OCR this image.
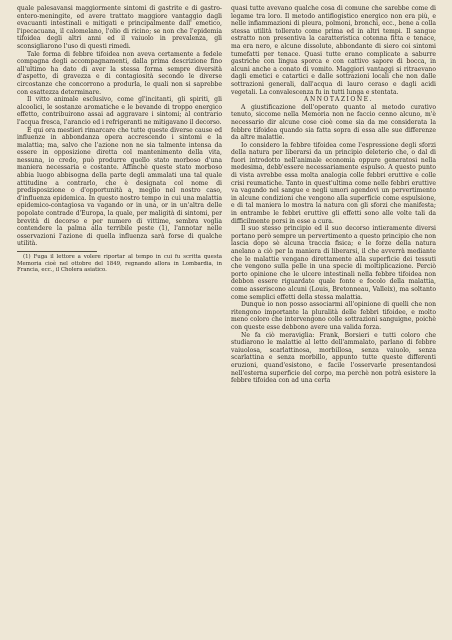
quale palesavansi maggiormente sintomi di gastrite e di gastro-entero-meningite, ed avere trattato maggiore vantaggio dagli evacuanti intestinali e mitigati e principalmente dall' emetico, l'ipecacuana, il calomelano, l'olio di ricino; se non che l'epidemia tifoidea degli altri anni ed il vaiuolo in prevalenza, gli sconsigliarono l'uso di questi rimedi.

Tale forma di febbre tifoidea non aveva certamente a fedele compagna degli accompagnamenti, dalla prima descrizione fino all'ultimo ha dato di aver la stessa forma sempre diversità d'aspetto, di gravezza e di contagiosità secondo le diverse circostanze che concorrono a produrla, le quali non si saprebbe con esattezza determinare.

Il vitto animale esclusivo, come gl'incitanti, gli spiriti, gli alcoolici, le sostanze aromatiche e le bevande di troppo energico effetto, contribuirono assai ad aggravare i sintomi; al contrario l'acqua fresca, l'arancio ed i refrigeranti ne mitigavano il decorso.

È qui ora mestieri rimarcare che tutte queste diverse cause ed influenze in abbondanza opera accrescendo i sintomi e la malattia; ma, salvo che l'azione non ne sia talmente intensa da essere in opposizione diretta col mantenimento della vita, nessuna, io credo, può produrre quello stato morboso d'una maniera necessaria e costante. Affinchè queste stato morboso abbia luogo abbisogna della parte degli ammalati una tal quale attitudine a contrarlo, che è designata col nome di predisposizione o d'opportunità a, meglio nel nostro caso, d'influenza epidemica. In questo nostro tempo in cui una malattia epidemico-contagiosa va vagando or in una, or in un'altra delle popolate contrade d'Europa, la quale, per maligità di sintomi, per brevità di decorso e per numero di vittime, sembra voglia contendere la palma alla terribile peste (1), l'annotar nelle osservazioni l'azione di quella influenza sarà forse di qualche utilità.

(1) Fuga il lettore a volere riportar al tempo in cui fu scritta questa Memoria cioè nel ottobre del 1849, regnando allora in Lombardia, in Francia, ecc., il Cholera asiatico.

quasi tutte avevano qualche cosa di comune che sarebbe come di legame tra loro. Il metodo antiflogistico energico non era più, e nelle infiammazioni di pleura, polmoni, bronchi, ecc., bene a colla stessa utilità tollerato come prima ed in altri tempi. Il sangue estratto non presentiva la caratteristica cotenna fitta e tenace, ma era nero, e alcune dissolute, abbondante di siero coi sintomi tumefatti per tenace. Quasi tutte erano complicate a saburre gastriche con lingua sporca e con cattivo sapore di bocca, in alcuni anche a conato di vomito. Maggiori vantaggi si ritraevano dagli emetici e catartici e dalle sottrazioni locali che non dalle sottrazioni generali, dall'acqua di lauro ceraso e dagli acidi vegetali. La convalescenza fu in tutti lunga e stentata.

ANNOTAZIONE.

A giustificazione dell'operato quanto al metodo curativo tenuto, siccome nella Memoria non ne faccio cenno alcuno, m'è necessario dir alcune cose cioè come sia da me considerata la febbre tifoidea quando sia fatta sopra di essa alle sue differenze da altre malattie.

Io considero la febbre tifoidea come l'espressione degli sforzi della natura per liberarsi da un principio deleterio che, o dal di fuori introdotto nell'animale economia oppure generatosi nella medesima, debb'essere necessariamente espulso. A questo punto di vista avrebbe essa molta analogia colle febbri eruttive e colle crisi reumatiche. Tanto in quest'ultima come nelle febbri eruttive va vagando nel sangue e negli umori agendovi un pervertimento in alcune condizioni che vengono alla superficie come espulsione, e di tal maniera lo mostra la natura con gli sforzi che manifesta; in entrambe le febbri eruttive gli effetti sono alle volte tali da difficilmente porsi in esse a cura.

Il suo stesso principio ed il suo decorso intieramente diversi portano però sempre un pervertimento a questo principio che non lascia dopo sè alcuna traccia fisica; e le forze della natura anelano a ciò per la maniera di liberarsi, il che avverrà mediante che le malattie vengano direttamente alla superficie dei tessuti che vengono sulla pelle in una specie di moltiplicazione. Perciò porto opinione che le ulcere intestinali nella febbre tifoidea non debbon essere riguardate quale fonte e focolo della malattia, come asseriscono alcuni (Louis, Bretonneau, Valleix), ma soltanto come semplici effetti della stessa malattia.

Dunque io non posso associarmi all'opinione di quelli che non ritengono importante la pluralità delle febbri tifoidee, e molto meno coloro che intervengono colle sottrazioni sanguigne, poichè con queste esse debbono avere una valida forza.

Ne fa ciò meraviglia: Frank, Borsieri e tutti coloro che studiarono le malattie al letto dell'ammalato, parlano di febbre vaiuolosa, scarlattinosa, morbillosa, senza vaiuolo, senza scarlattina e senza morbillo, appunto tutte queste differenti eruzioni, quand'esistono, e facile l'osservarle presentandosi nell'esterna superficie del corpo, ma perchè non potrà esistere la febbre tifoidea con ad una certa
